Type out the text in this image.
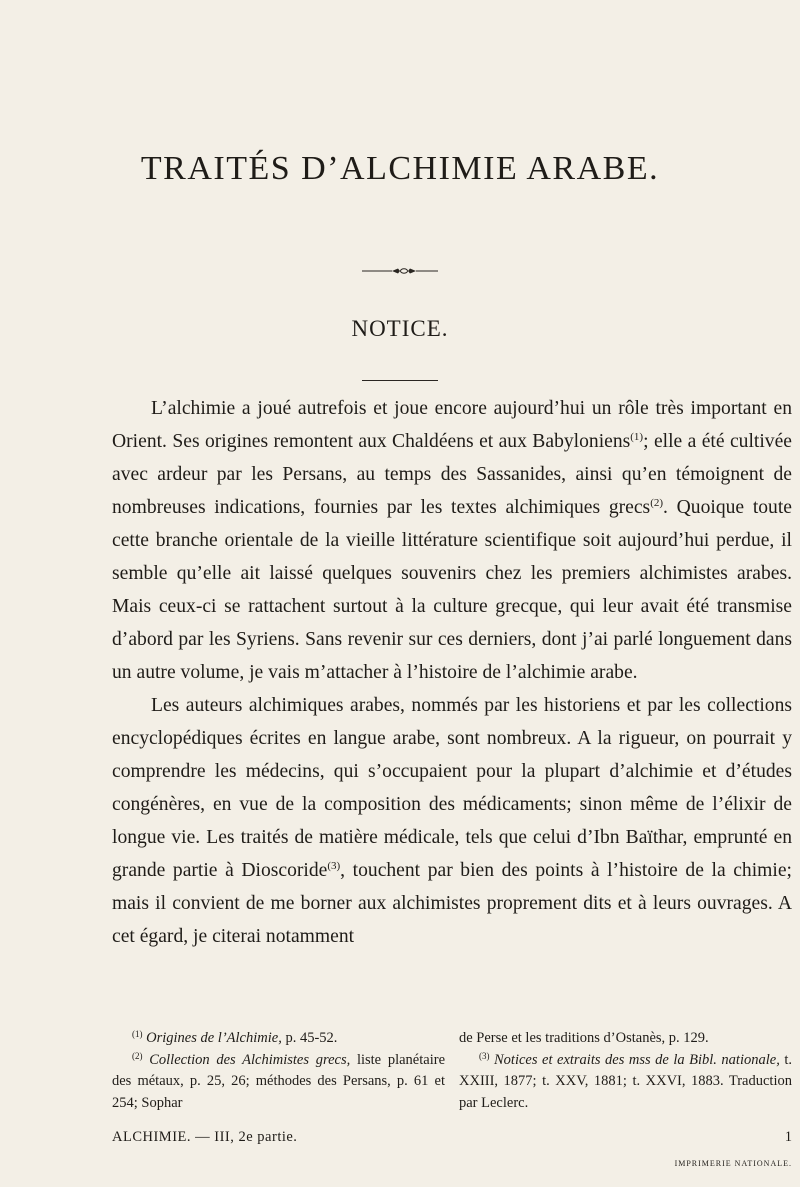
TRAITÉS D’ALCHIMIE ARABE.
NOTICE.

L’alchimie a joué autrefois et joue encore aujourd’hui un rôle très important en Orient. Ses origines remontent aux Chaldéens et aux Babyloniens$^{(1)}$; elle a été cultivée avec ardeur par les Persans, au temps des Sassanides, ainsi qu’en témoignent de nombreuses indications, fournies par les textes alchimiques grecs$^{(2)}$. Quoique toute cette branche orientale de la vieille littérature scientifique soit aujourd’hui perdue, il semble qu’elle ait laissé quelques souvenirs chez les premiers alchimistes arabes. Mais ceux-ci se rattachent surtout à la culture grecque, qui leur avait été transmise d’abord par les Syriens. Sans revenir sur ces derniers, dont j’ai parlé longuement dans un autre volume, je vais m’attacher à l’histoire de l’alchimie arabe.

Les auteurs alchimiques arabes, nommés par les historiens et par les collections encyclopédiques écrites en langue arabe, sont nombreux. A la rigueur, on pourrait y comprendre les médecins, qui s’occupaient pour la plupart d’alchimie et d’études congénères, en vue de la composition des médicaments; sinon même de l’élixir de longue vie. Les traités de matière médicale, tels que celui d’Ibn Baïthar, emprunté en grande partie à Dioscoride$^{(3)}$, touchent par bien des points à l’histoire de la chimie; mais il convient de me borner aux alchimistes proprement dits et à leurs ouvrages. A cet égard, je citerai notamment

$^{(1)}$ Origines de l’Alchimie, p. 45-52.

$^{(2)}$ Collection des Alchimistes grecs, liste planétaire des métaux, p. 25, 26; méthodes des Persans, p. 61 et 254; Sophar

de Perse et les traditions d’Ostanès, p. 129.

$^{(3)}$ Notices et extraits des mss de la Bibl. nationale, t. XXIII, 1877; t. XXV, 1881; t. XXVI, 1883. Traduction par Leclerc.

ALCHIMIE. — III, 2e partie.	1
IMPRIMERIE NATIONALE.
